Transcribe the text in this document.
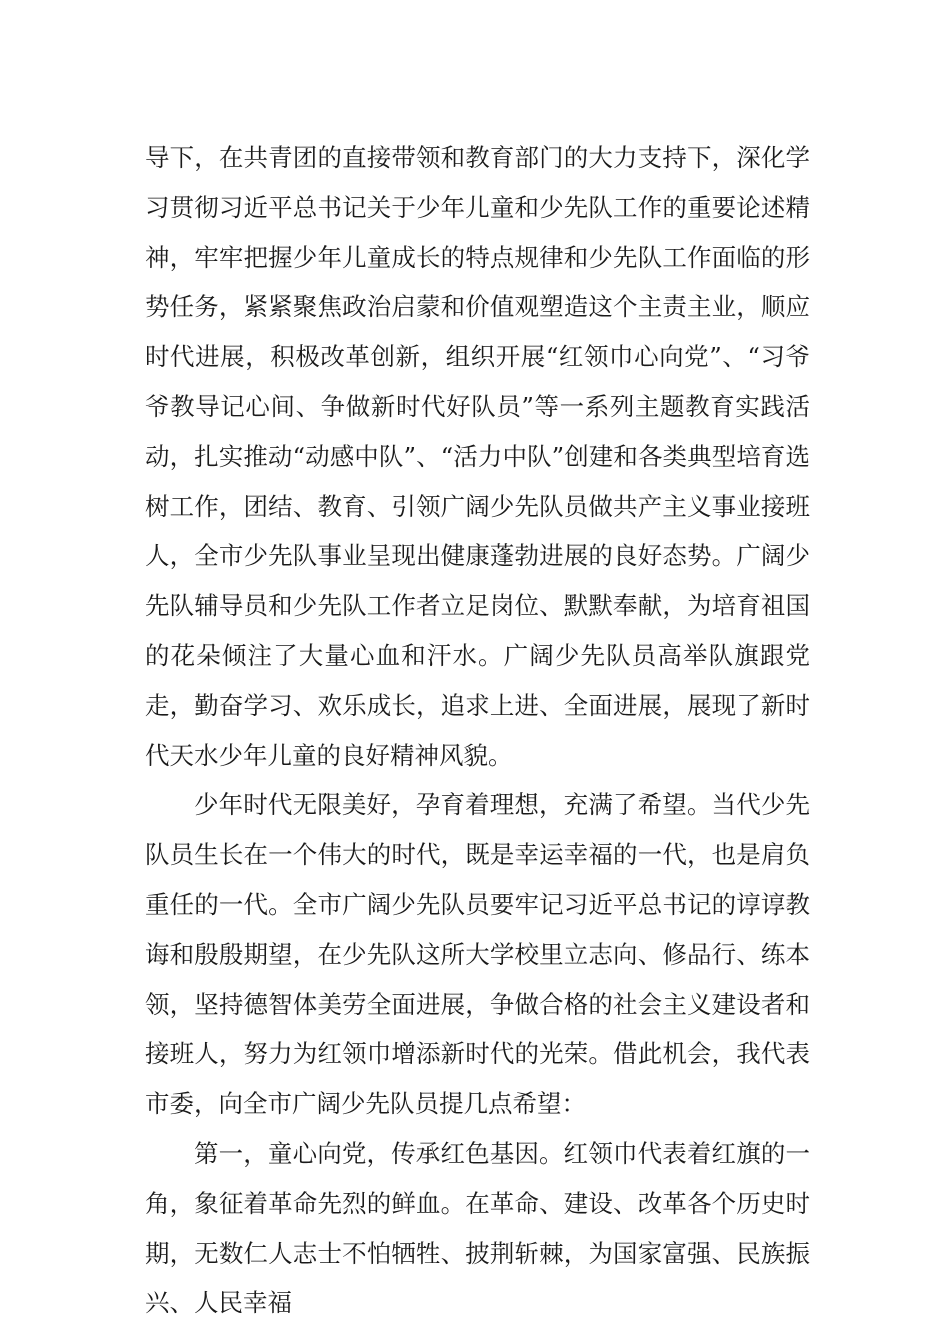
导下，在共青团的直接带领和教育部门的大力支持下，深化学习贯彻习近平总书记关于少年儿童和少先队工作的重要论述精神，牢牢把握少年儿童成长的特点规律和少先队工作面临的形势任务，紧紧聚焦政治启蒙和价值观塑造这个主责主业，顺应时代进展，积极改革创新，组织开展“红领巾心向党”、“习爷爷教导记心间、争做新时代好队员”等一系列主题教育实践活动，扎实推动“动感中队”、“活力中队”创建和各类典型培育选树工作，团结、教育、引领广阔少先队员做共产主义事业接班人，全市少先队事业呈现出健康蓬勃进展的良好态势。广阔少先队辅导员和少先队工作者立足岗位、默默奉献，为培育祖国的花朵倾注了大量心血和汗水。广阔少先队员高举队旗跟党走，勤奋学习、欢乐成长，追求上进、全面进展，展现了新时代天水少年儿童的良好精神风貌。

少年时代无限美好，孕育着理想，充满了希望。当代少先队员生长在一个伟大的时代，既是幸运幸福的一代，也是肩负重任的一代。全市广阔少先队员要牢记习近平总书记的谆谆教诲和殷殷期望，在少先队这所大学校里立志向、修品行、练本领，坚持德智体美劳全面进展，争做合格的社会主义建设者和接班人，努力为红领巾增添新时代的光荣。借此机会，我代表市委，向全市广阔少先队员提几点希望：

第一，童心向党，传承红色基因。红领巾代表着红旗的一角，象征着革命先烈的鲜血。在革命、建设、改革各个历史时期，无数仁人志士不怕牺牲、披荆斩棘，为国家富强、民族振兴、人民幸福
